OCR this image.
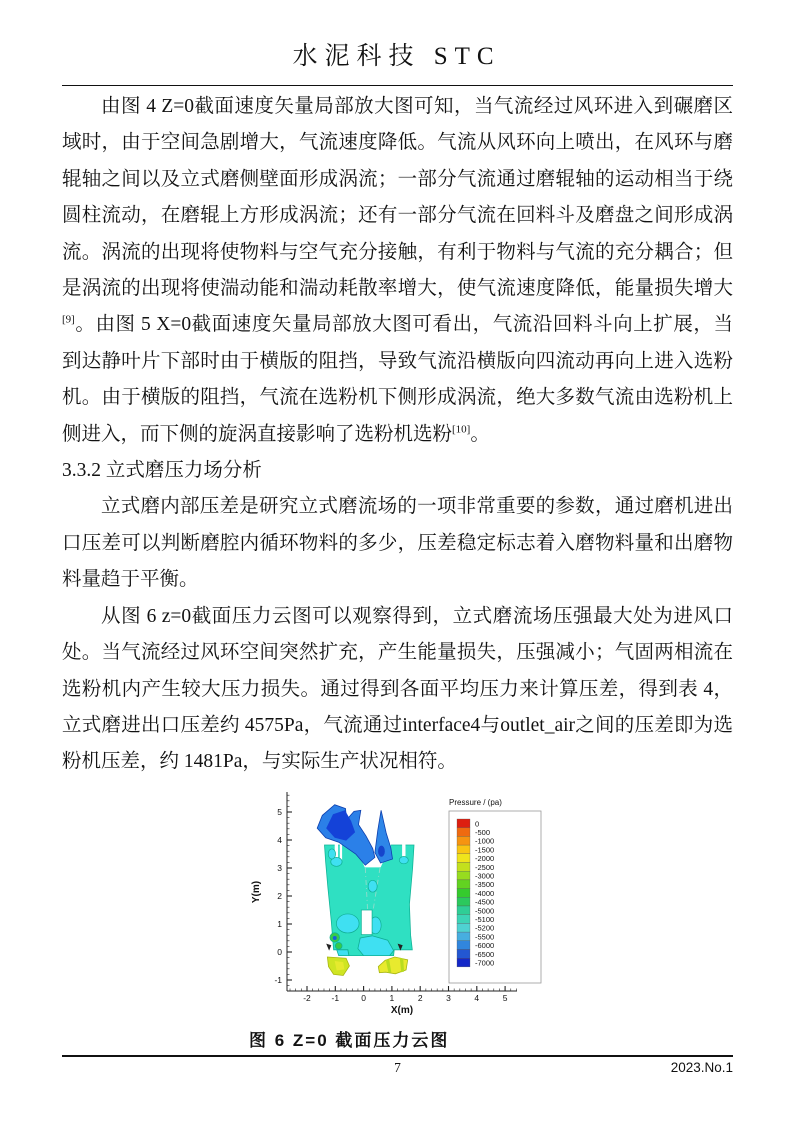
水泥科技 STC

由图 4 Z=0截面速度矢量局部放大图可知，当气流经过风环进入到碾磨区域时，由于空间急剧增大，气流速度降低。气流从风环向上喷出，在风环与磨辊轴之间以及立式磨侧壁面形成涡流；一部分气流通过磨辊轴的运动相当于绕圆柱流动，在磨辊上方形成涡流；还有一部分气流在回料斗及磨盘之间形成涡流。涡流的出现将使物料与空气充分接触，有利于物料与气流的充分耦合；但是涡流的出现将使湍动能和湍动耗散率增大，使气流速度降低，能量损失增大[9]。由图 5 X=0截面速度矢量局部放大图可看出，气流沿回料斗向上扩展，当到达静叶片下部时由于横版的阻挡，导致气流沿横版向四流动再向上进入选粉机。由于横版的阻挡，气流在选粉机下侧形成涡流，绝大多数气流由选粉机上侧进入，而下侧的旋涡直接影响了选粉机选粉[10]。

3.3.2 立式磨压力场分析

立式磨内部压差是研究立式磨流场的一项非常重要的参数，通过磨机进出口压差可以判断磨腔内循环物料的多少，压差稳定标志着入磨物料量和出磨物料量趋于平衡。

从图 6 z=0截面压力云图可以观察得到，立式磨流场压强最大处为进风口处。当气流经过风环空间突然扩充，产生能量损失，压强减小；气固两相流在选粉机内产生较大压力损失。通过得到各面平均压力来计算压差，得到表 4，立式磨进出口压差约 4575Pa，气流通过interface4与outlet_air之间的压差即为选粉机压差，约 1481Pa，与实际生产状况相符。

-2 -1	0	1	2	3	4	5
-1
0
1
2
3
4
5
X(m)
Y(m)
Pressure / (pa)
0
-500
-1000
-1500
-2000
-2500
-3000
-3500
-4000
-4500
-5000
-5100
-5200
-5500
-6000
-6500
-7000
图 6 Z=0 截面压力云图
7	2023.No.1
